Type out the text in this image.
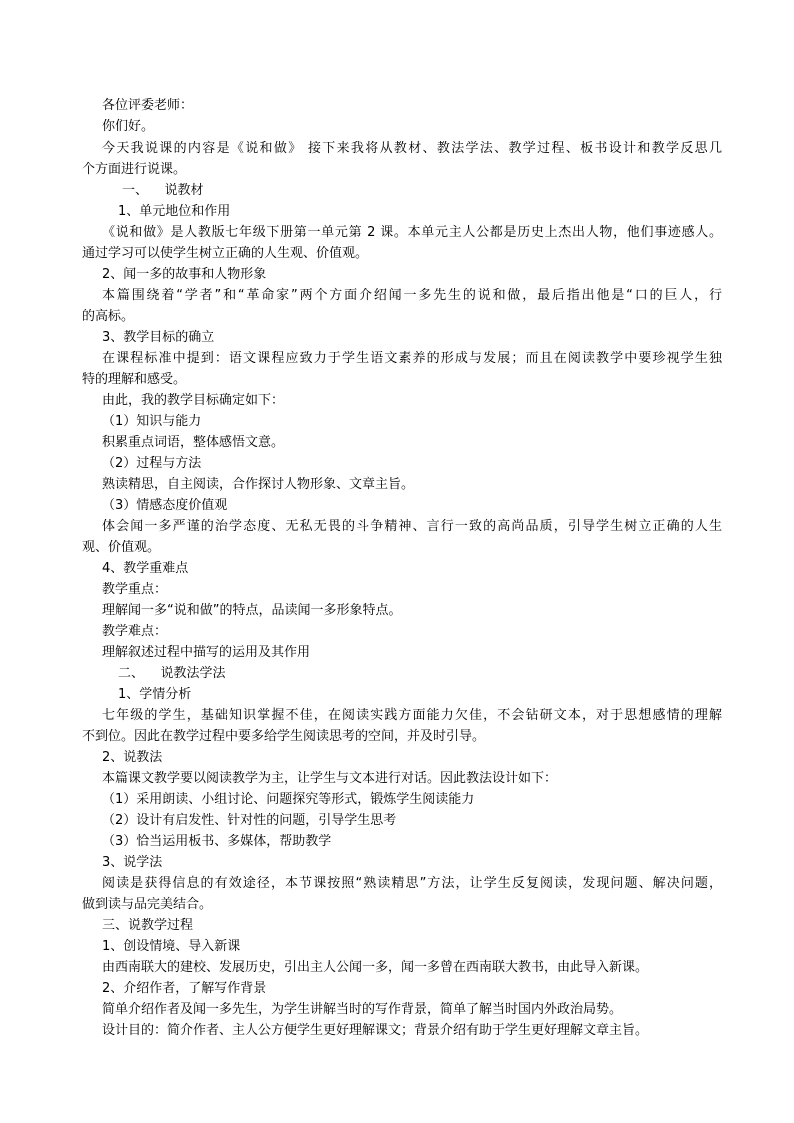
各位评委老师：
你们好。
今天我说课的内容是《说和做》 接下来我将从教材、教法学法、教学过程、板书设计和教学反思几
个方面进行说课。
一、    说教材
1、单元地位和作用
《说和做》是人教版七年级下册第一单元第 2 课。本单元主人公都是历史上杰出人物，他们事迹感人。
通过学习可以使学生树立正确的人生观、价值观。
2、闻一多的故事和人物形象
本篇围绕着“学者”和“革命家”两个方面介绍闻一多先生的说和做，最后指出他是“口的巨人，行
的高标。
3、教学目标的确立
在课程标准中提到：语文课程应致力于学生语文素养的形成与发展；而且在阅读教学中要珍视学生独
特的理解和感受。
由此，我的教学目标确定如下：
（1）知识与能力
积累重点词语，整体感悟文意。
（2）过程与方法
熟读精思，自主阅读，合作探讨人物形象、文章主旨。
（3）情感态度价值观
体会闻一多严谨的治学态度、无私无畏的斗争精神、言行一致的高尚品质，引导学生树立正确的人生
观、价值观。
4、教学重难点
教学重点：
理解闻一多“说和做”的特点，品读闻一多形象特点。
教学难点：
理解叙述过程中描写的运用及其作用
二、    说教法学法
1、学情分析
七年级的学生，基础知识掌握不佳，在阅读实践方面能力欠佳，不会钻研文本，对于思想感情的理解
不到位。因此在教学过程中要多给学生阅读思考的空间，并及时引导。
2、说教法
本篇课文教学要以阅读教学为主，让学生与文本进行对话。因此教法设计如下：
（1）采用朗读、小组讨论、问题探究等形式，锻炼学生阅读能力
（2）设计有启发性、针对性的问题，引导学生思考
（3）恰当运用板书、多媒体，帮助教学
3、说学法
阅读是获得信息的有效途径，本节课按照“熟读精思”方法，让学生反复阅读，发现问题、解决问题，
做到读与品完美结合。
三、说教学过程
1、创设情境、导入新课
由西南联大的建校、发展历史，引出主人公闻一多，闻一多曾在西南联大教书，由此导入新课。
2、介绍作者，了解写作背景
简单介绍作者及闻一多先生，为学生讲解当时的写作背景，简单了解当时国内外政治局势。
设计目的：简介作者、主人公方便学生更好理解课文；背景介绍有助于学生更好理解文章主旨。
